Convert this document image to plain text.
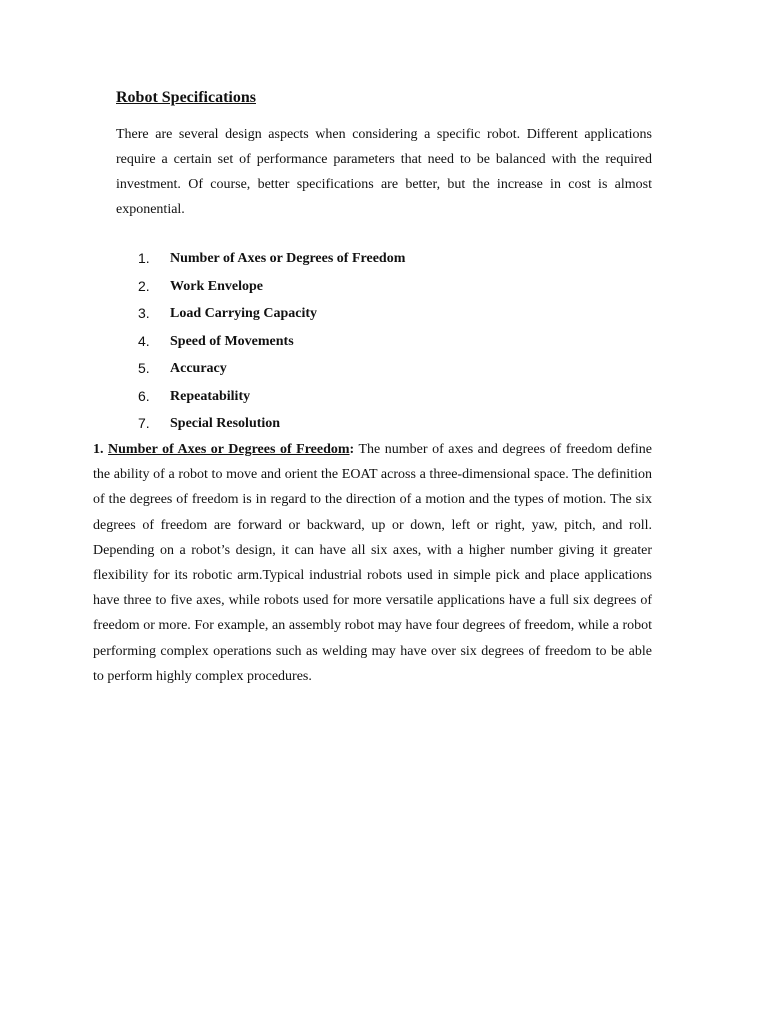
Robot Specifications

There are several design aspects when considering a specific robot. Different applications require a certain set of performance parameters that need to be balanced with the required investment. Of course, better specifications are better, but the increase in cost is almost exponential.

1.	Number of Axes or Degrees of Freedom
2.	Work Envelope
3.	Load Carrying Capacity
4.	Speed of Movements
5.	Accuracy
6.	Repeatability
7.	Special Resolution

1. Number of Axes or Degrees of Freedom: The number of axes and degrees of freedom define the ability of a robot to move and orient the EOAT across a three-dimensional space. The definition of the degrees of freedom is in regard to the direction of a motion and the types of motion. The six degrees of freedom are forward or backward, up or down, left or right, yaw, pitch, and roll. Depending on a robot’s design, it can have all six axes, with a higher number giving it greater flexibility for its robotic arm.Typical industrial robots used in simple pick and place applications have three to five axes, while robots used for more versatile applications have a full six degrees of freedom or more. For example, an assembly robot may have four degrees of freedom, while a robot performing complex operations such as welding may have over six degrees of freedom to be able to perform highly complex procedures.
